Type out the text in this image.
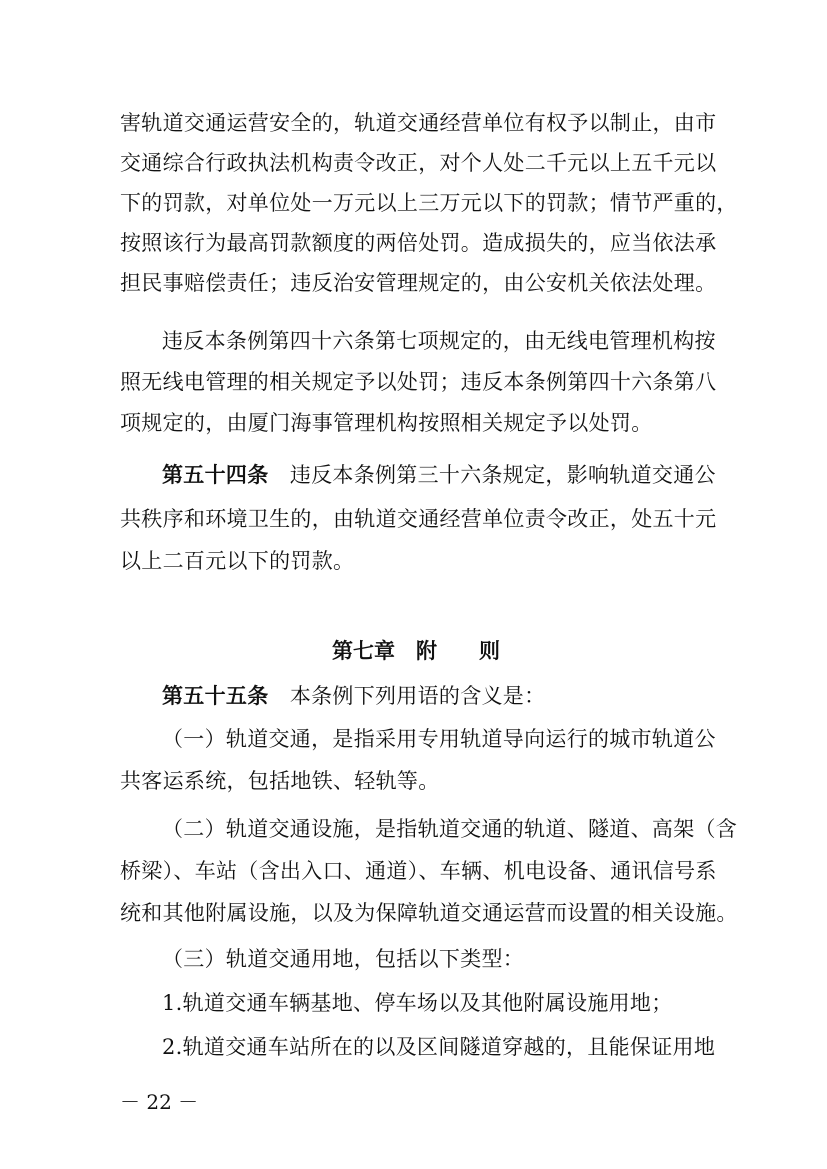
害轨道交通运营安全的，轨道交通经营单位有权予以制止，由市
交通综合行政执法机构责令改正，对个人处二千元以上五千元以
下的罚款，对单位处一万元以上三万元以下的罚款；情节严重的，
按照该行为最高罚款额度的两倍处罚。造成损失的，应当依法承
担民事赔偿责任；违反治安管理规定的，由公安机关依法处理。
违反本条例第四十六条第七项规定的，由无线电管理机构按
照无线电管理的相关规定予以处罚；违反本条例第四十六条第八
项规定的，由厦门海事管理机构按照相关规定予以处罚。
第五十四条　 违反本条例第三十六条规定，影响轨道交通公
共秩序和环境卫生的，由轨道交通经营单位责令改正，处五十元
以上二百元以下的罚款。
第七章　附　　则
第五十五条　 本条例下列用语的含义是：
（一）轨道交通，是指采用专用轨道导向运行的城市轨道公
共客运系统，包括地铁、轻轨等。
（二）轨道交通设施，是指轨道交通的轨道、隧道、高架（含
桥梁）、车站（含出入口、通道）、车辆、机电设备、通讯信号系
统和其他附属设施，以及为保障轨道交通运营而设置的相关设施。
（三）轨道交通用地，包括以下类型：
1.轨道交通车辆基地、停车场以及其他附属设施用地；
2.轨道交通车站所在的以及区间隧道穿越的，且能保证用地
－ 22 －
